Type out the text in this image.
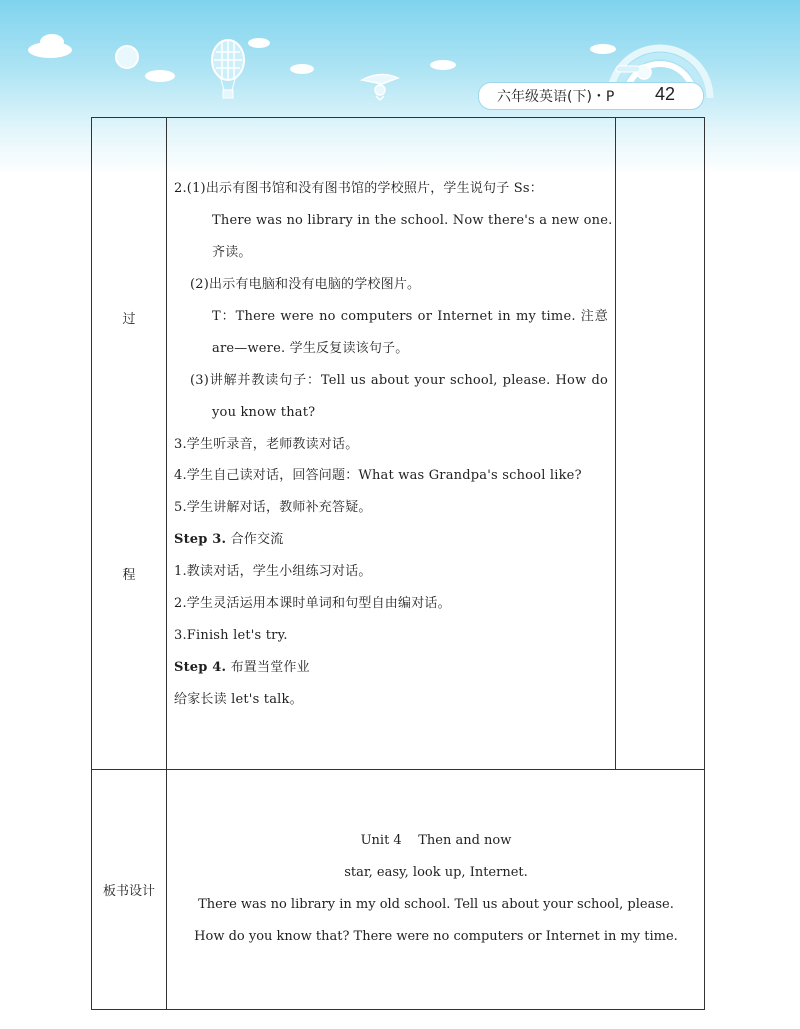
六年级英语(下)・P 42
过
程
板书设计
2.(1)出示有图书馆和没有图书馆的学校照片，学生说句子 Ss：
There was no library in the school. Now there's a new one.
齐读。
(2)出示有电脑和没有电脑的学校图片。
T：There were no computers or Internet in my time. 注意
are—were. 学生反复读该句子。
(3)讲解并教读句子：Tell us about your school, please. How do
you know that?
3.学生听录音，老师教读对话。
4.学生自己读对话，回答问题：What was Grandpa's school like?
5.学生讲解对话，教师补充答疑。
Step 3. 合作交流
1.教读对话，学生小组练习对话。
2.学生灵活运用本课时单词和句型自由编对话。
3.Finish let's try.
Step 4. 布置当堂作业
给家长读 let's talk。
Unit 4    Then and now
star, easy, look up, Internet.
There was no library in my old school. Tell us about your school, please.
How do you know that? There were no computers or Internet in my time.
